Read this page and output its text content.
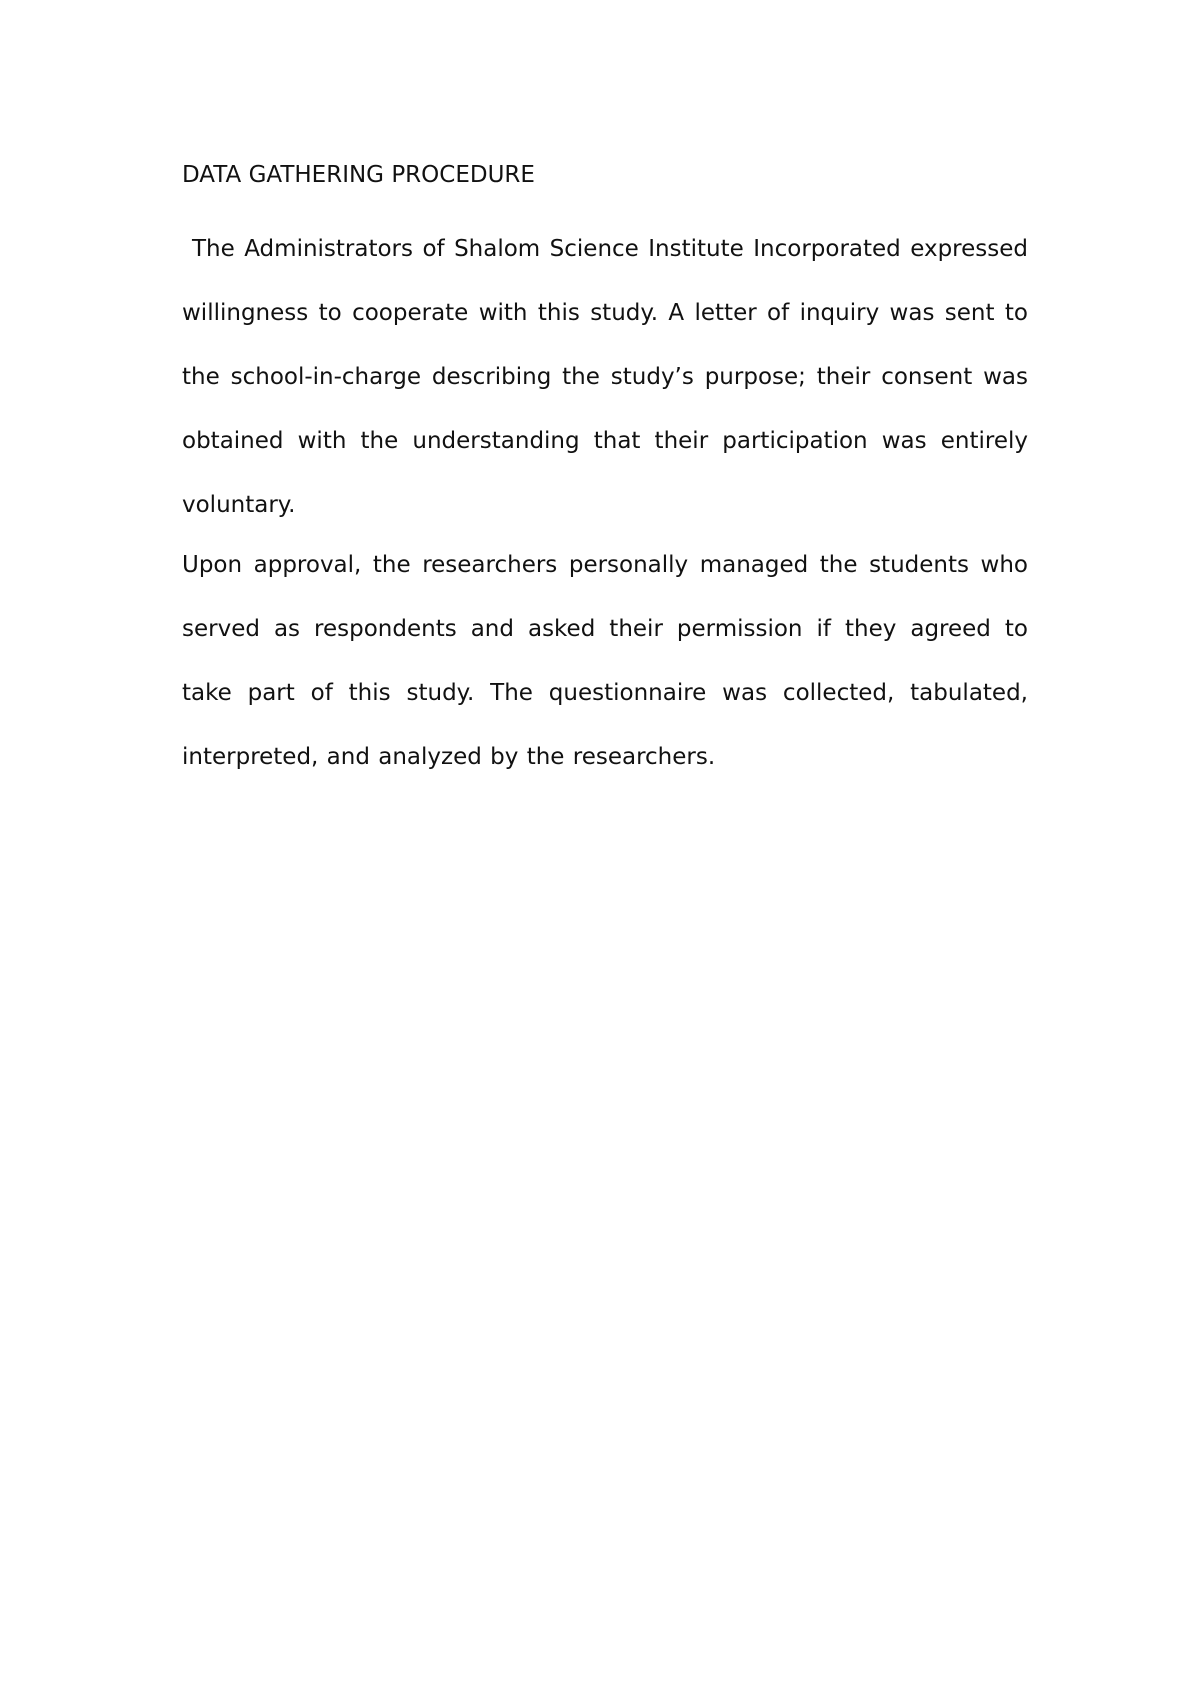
DATA GATHERING PROCEDURE

The Administrators of Shalom Science Institute Incorporated expressed willingness to cooperate with this study. A letter of inquiry was sent to the school-in-charge describing the study’s purpose; their consent was obtained with the understanding that their participation was entirely voluntary.

Upon approval, the researchers personally managed the students who served as respondents and asked their permission if they agreed to take part of this study. The questionnaire was collected, tabulated, interpreted, and analyzed by the researchers.
